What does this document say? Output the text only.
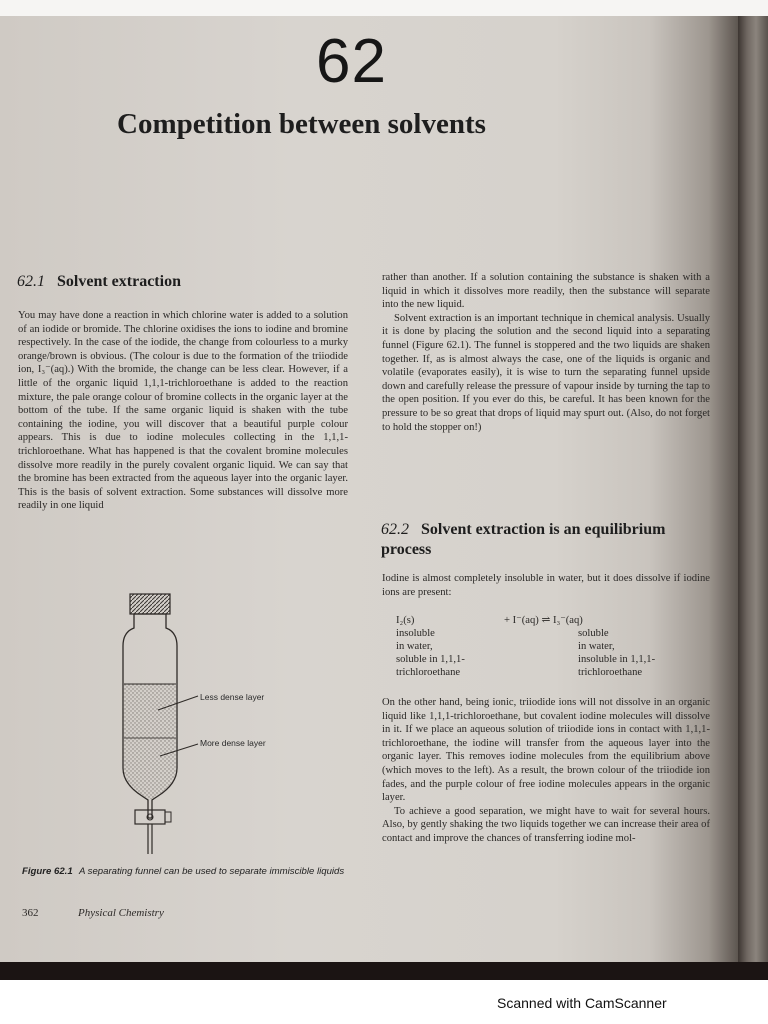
62
Competition between solvents
62.1 Solvent extraction

You may have done a reaction in which chlorine water is added to a solution of an iodide or bromide. The chlorine oxidises the ions to iodine and bromine respectively. In the case of the iodide, the change from colourless to a murky orange/brown is obvious. (The colour is due to the formation of the triiodide ion, I₃⁻(aq).) With the bromide, the change can be less clear. However, if a little of the organic liquid 1,1,1-trichloroethane is added to the reaction mixture, the pale orange colour of bromine collects in the organic layer at the bottom of the tube. If the same organic liquid is shaken with the tube containing the iodine, you will discover that a beautiful purple colour appears. This is due to iodine molecules collecting in the 1,1,1-trichloroethane. What has happened is that the covalent bromine molecules dissolve more readily in the purely covalent organic liquid. We can say that the bromine has been extracted from the aqueous layer into the organic layer. This is the basis of solvent extraction. Some substances will dissolve more readily in one liquid

rather than another. If a solution containing the substance is shaken with a liquid in which it dissolves more readily, then the substance will separate into the new liquid.

Solvent extraction is an important technique in chemical analysis. Usually it is done by placing the solution and the second liquid into a separating funnel (Figure 62.1). The funnel is stoppered and the two liquids are shaken together. If, as is almost always the case, one of the liquids is organic and volatile (evaporates easily), it is wise to turn the separating funnel upside down and carefully release the pressure of vapour inside by turning the tap to the open position. If you ever do this, be careful. It has been known for the pressure to be so great that drops of liquid may spurt out. (Also, do not forget to hold the stopper on!)

62.2 Solvent extraction is an equilibrium process

Iodine is almost completely insoluble in water, but it does dissolve if iodine ions are present:

I₂(s)
insoluble
in water,
soluble in 1,1,1-
trichloroethane
+ I⁻(aq) ⇌ I₃⁻(aq)
soluble
in water,
insoluble in 1,1,1-
trichloroethane

On the other hand, being ionic, triiodide ions will not dissolve in an organic liquid like 1,1,1-trichloroethane, but covalent iodine molecules will dissolve in it. If we place an aqueous solution of triiodide ions in contact with 1,1,1-trichloroethane, the iodine will transfer from the aqueous layer into the organic layer. This removes iodine molecules from the equilibrium above (which moves to the left). As a result, the brown colour of the triiodide ion fades, and the purple colour of free iodine molecules appears in the organic layer.

To achieve a good separation, we might have to wait for several hours. Also, by gently shaking the two liquids together we can increase their area of contact and improve the chances of transferring iodine mol-

Less dense layer
More dense layer
Figure 62.1 A separating funnel can be used to separate immiscible liquids
362	Physical Chemistry
Scanned with CamScanner
